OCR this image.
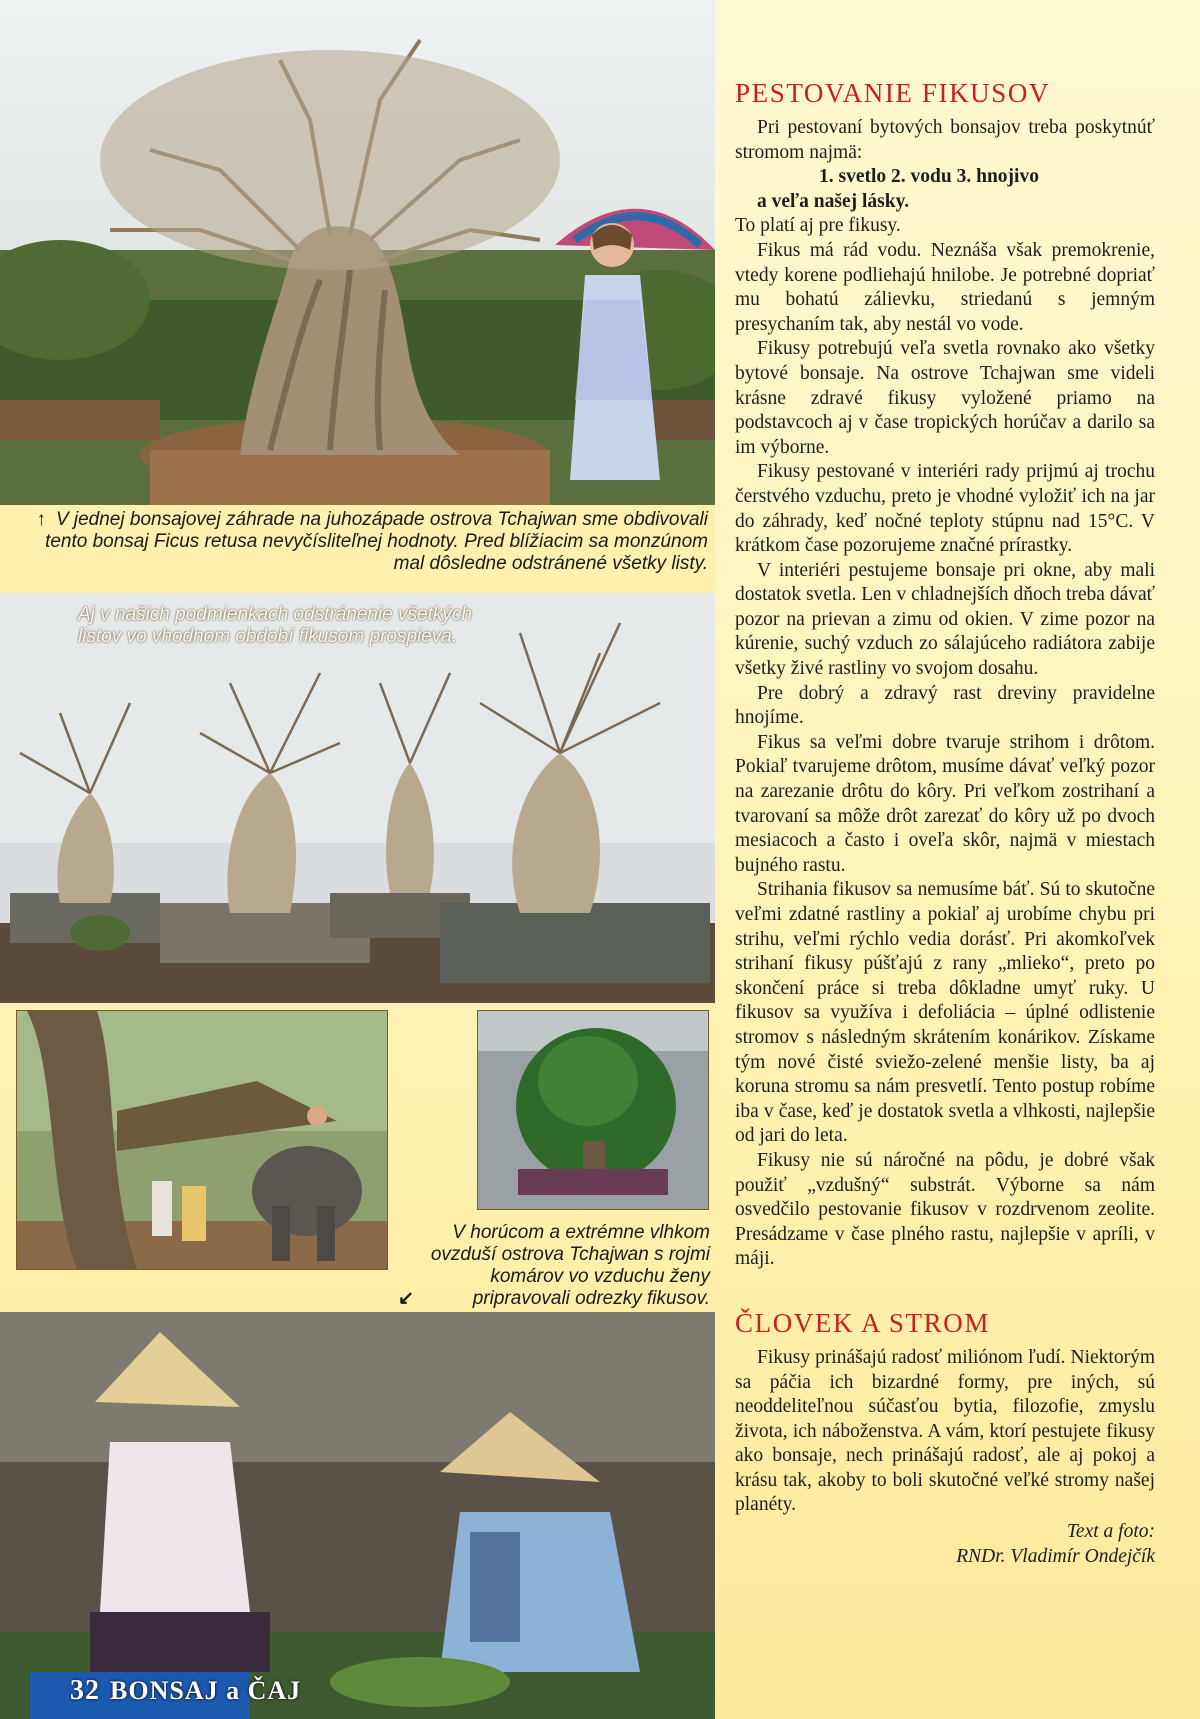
↑ V jednej bonsajovej záhrade na juhozápade ostrova Tchajwan sme obdivovali tento bonsaj Ficus retusa nevyčísliteľnej hodnoty. Pred blížiacim sa monzúnom mal dôsledne odstránené všetky listy.
Aj v našich podmienkach odstránenie všetkých listov vo vhodnom období fikusom prospieva.
V horúcom a extrémne vlhkom ovzduší ostrova Tchajwan s rojmi komárov vo vzduchu ženy pripravovali odrezky fikusov.
↙
32 BONSAJ a ČAJ
PESTOVANIE FIKUSOV

Pri pestovaní bytových bonsajov treba poskytnúť stromom najmä:

1. svetlo 2. vodu 3. hnojivo
a veľa našej lásky.

To platí aj pre fikusy.

Fikus má rád vodu. Neznáša však premokrenie, vtedy korene podliehajú hnilobe. Je potrebné dopriať mu bohatú zálievku, striedanú s jemným presychaním tak, aby nestál vo vode.

Fikusy potrebujú veľa svetla rovnako ako všetky bytové bonsaje. Na ostrove Tchajwan sme videli krásne zdravé fikusy vyložené priamo na podstavcoch aj v čase tropických horúčav a darilo sa im výborne.

Fikusy pestované v interiéri rady prijmú aj trochu čerstvého vzduchu, preto je vhodné vyložiť ich na jar do záhrady, keď nočné teploty stúpnu nad 15°C. V krátkom čase pozorujeme značné prírastky.

V interiéri pestujeme bonsaje pri okne, aby mali dostatok svetla. Len v chladnejších dňoch treba dávať pozor na prievan a zimu od okien. V zime pozor na kúrenie, suchý vzduch zo sálajúceho radiátora zabije všetky živé rastliny vo svojom dosahu.

Pre dobrý a zdravý rast dreviny pravidelne hnojíme.

Fikus sa veľmi dobre tvaruje strihom i drôtom. Pokiaľ tvarujeme drôtom, musíme dávať veľký pozor na zarezanie drôtu do kôry. Pri veľkom zostrihaní a tvarovaní sa môže drôt zarezať do kôry už po dvoch mesiacoch a často i oveľa skôr, najmä v miestach bujného rastu.

Strihania fikusov sa nemusíme báť. Sú to skutočne veľmi zdatné rastliny a pokiaľ aj urobíme chybu pri strihu, veľmi rýchlo vedia dorásť. Pri akomkoľvek strihaní fikusy púšťajú z rany „mlieko“, preto po skončení práce si treba dôkladne umyť ruky. U fikusov sa využíva i defoliácia – úplné odlistenie stromov s následným skrátením konárikov. Získame tým nové čisté sviežo-zelené menšie listy, ba aj koruna stromu sa nám presvetlí. Tento postup robíme iba v čase, keď je dostatok svetla a vlhkosti, najlepšie od jari do leta.

Fikusy nie sú náročné na pôdu, je dobré však použiť „vzdušný“ substrát. Výborne sa nám osvedčilo pestovanie fikusov v rozdrvenom zeolite. Presádzame v čase plného rastu, najlepšie v apríli, v máji.

ČLOVEK A STROM

Fikusy prinášajú radosť miliónom ľudí. Niektorým sa páčia ich bizardné formy, pre iných, sú neoddeliteľnou súčasťou bytia, filozofie, zmyslu života, ich náboženstva. A vám, ktorí pestujete fikusy ako bonsaje, nech prinášajú radosť, ale aj pokoj a krásu tak, akoby to boli skutočné veľké stromy našej planéty.

Text a foto:
RNDr. Vladimír Ondejčík
